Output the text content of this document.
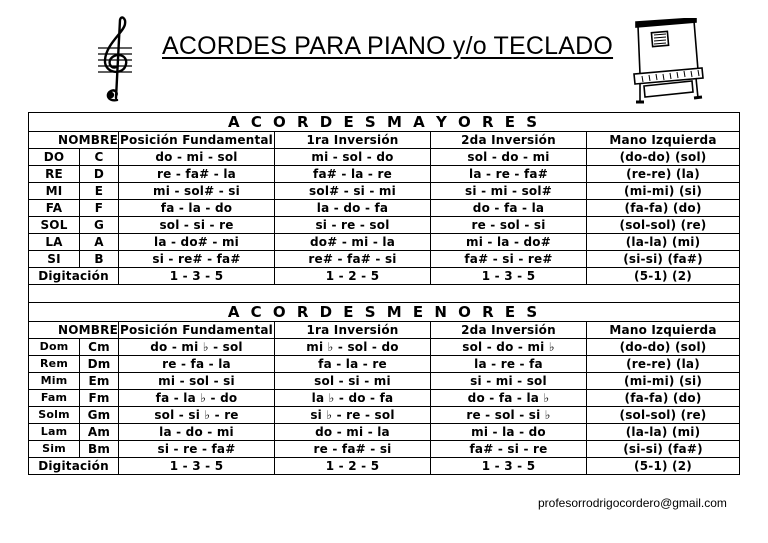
ACORDES PARA PIANO y/o TECLADO
A C O R D E S M A Y O R E S					
NOMBRE		Posición Fundamental	1ra Inversión	2da Inversión	Mano Izquierda
DO	C	do - mi - sol	mi - sol - do	sol - do - mi	(do-do) (sol)
RE	D	re - fa# - la	fa# - la - re	la - re - fa#	(re-re) (la)
MI	E	mi - sol# - si	sol# - si - mi	si - mi - sol#	(mi-mi) (si)
FA	F	fa - la - do	la - do - fa	do - fa - la	(fa-fa) (do)
SOL	G	sol - si - re	si - re - sol	re - sol - si	(sol-sol) (re)
LA	A	la - do# - mi	do# - mi - la	mi - la - do#	(la-la) (mi)
SI	B	si - re# - fa#	re# - fa# - si	fa# - si - re#	(si-si) (fa#)
Digitación		1 - 3 - 5	1 - 2 - 5	1 - 3 - 5	(5-1) (2)

A C O R D E S M E N O R E S					
NOMBRE		Posición Fundamental	1ra Inversión	2da Inversión	Mano Izquierda
Dom	Cm	do - mi ♭ - sol	mi ♭ - sol - do	sol - do - mi ♭	(do-do) (sol)
Rem	Dm	re - fa - la	fa - la - re	la - re - fa	(re-re) (la)
Mim	Em	mi - sol - si	sol - si - mi	si - mi - sol	(mi-mi) (si)
Fam	Fm	fa - la ♭ - do	la ♭ - do - fa	do - fa - la ♭	(fa-fa) (do)
Solm	Gm	sol - si ♭ - re	si ♭ - re - sol	re - sol - si ♭	(sol-sol) (re)
Lam	Am	la - do - mi	do - mi - la	mi - la - do	(la-la) (mi)
Sim	Bm	si - re - fa#	re - fa# - si	fa# - si - re	(si-si) (fa#)
Digitación		1 - 3 - 5	1 - 2 - 5	1 - 3 - 5	(5-1) (2)
profesorrodrigocordero@gmail.com
